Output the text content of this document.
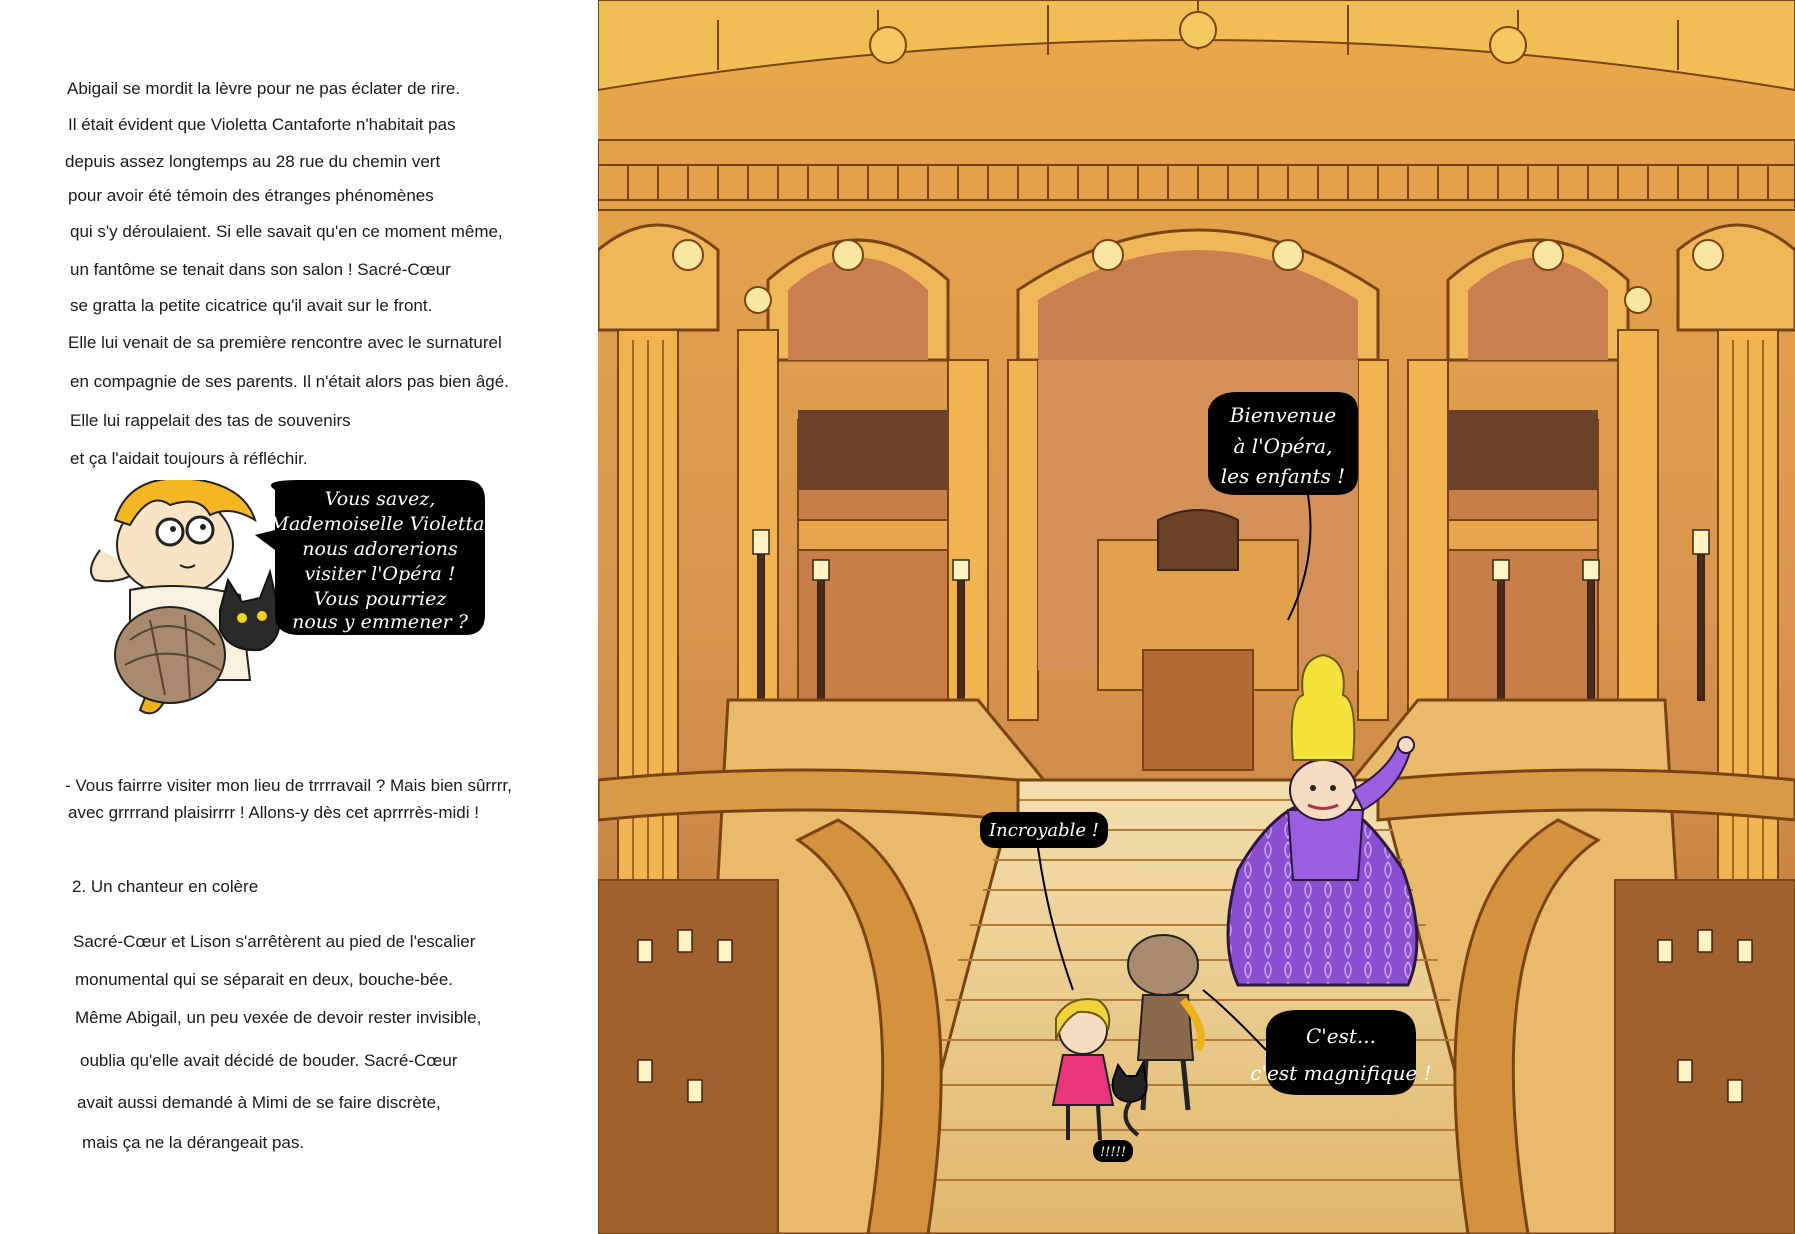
Abigail se mordit la lèvre pour ne pas éclater de rire.
Il était évident que Violetta Cantaforte n'habitait pas
depuis assez longtemps au 28 rue du chemin vert
pour avoir été témoin des étranges phénomènes
qui s'y déroulaient. Si elle savait qu'en ce moment même,
un fantôme se tenait dans son salon ! Sacré-Cœur
se gratta la petite cicatrice qu'il avait sur le front.
Elle lui venait de sa première rencontre avec le surnaturel
en compagnie de ses parents. Il n'était alors pas bien âgé.
Elle lui rappelait des tas de souvenirs
et ça l'aidait toujours à réfléchir.
Vous savez,
Mademoiselle Violetta,
nous adorerions
visiter l'Opéra !
Vous pourriez
nous y emmener ?
- Vous fairrre visiter mon lieu de trrrravail ? Mais bien sûrrrr,
avec grrrrand plaisirrrr ! Allons-y dès cet aprrrrès-midi !
2. Un chanteur en colère
Sacré-Cœur et Lison s'arrêtèrent au pied de l'escalier
monumental qui se séparait en deux, bouche-bée.
Même Abigail, un peu vexée de devoir rester invisible,
oublia qu'elle avait décidé de bouder. Sacré-Cœur
avait aussi demandé à Mimi de se faire discrète,
mais ça ne la dérangeait pas.
Bienvenue
à l'Opéra,
les enfants !
Incroyable !
C'est...
c'est magnifique !
!!!!!
